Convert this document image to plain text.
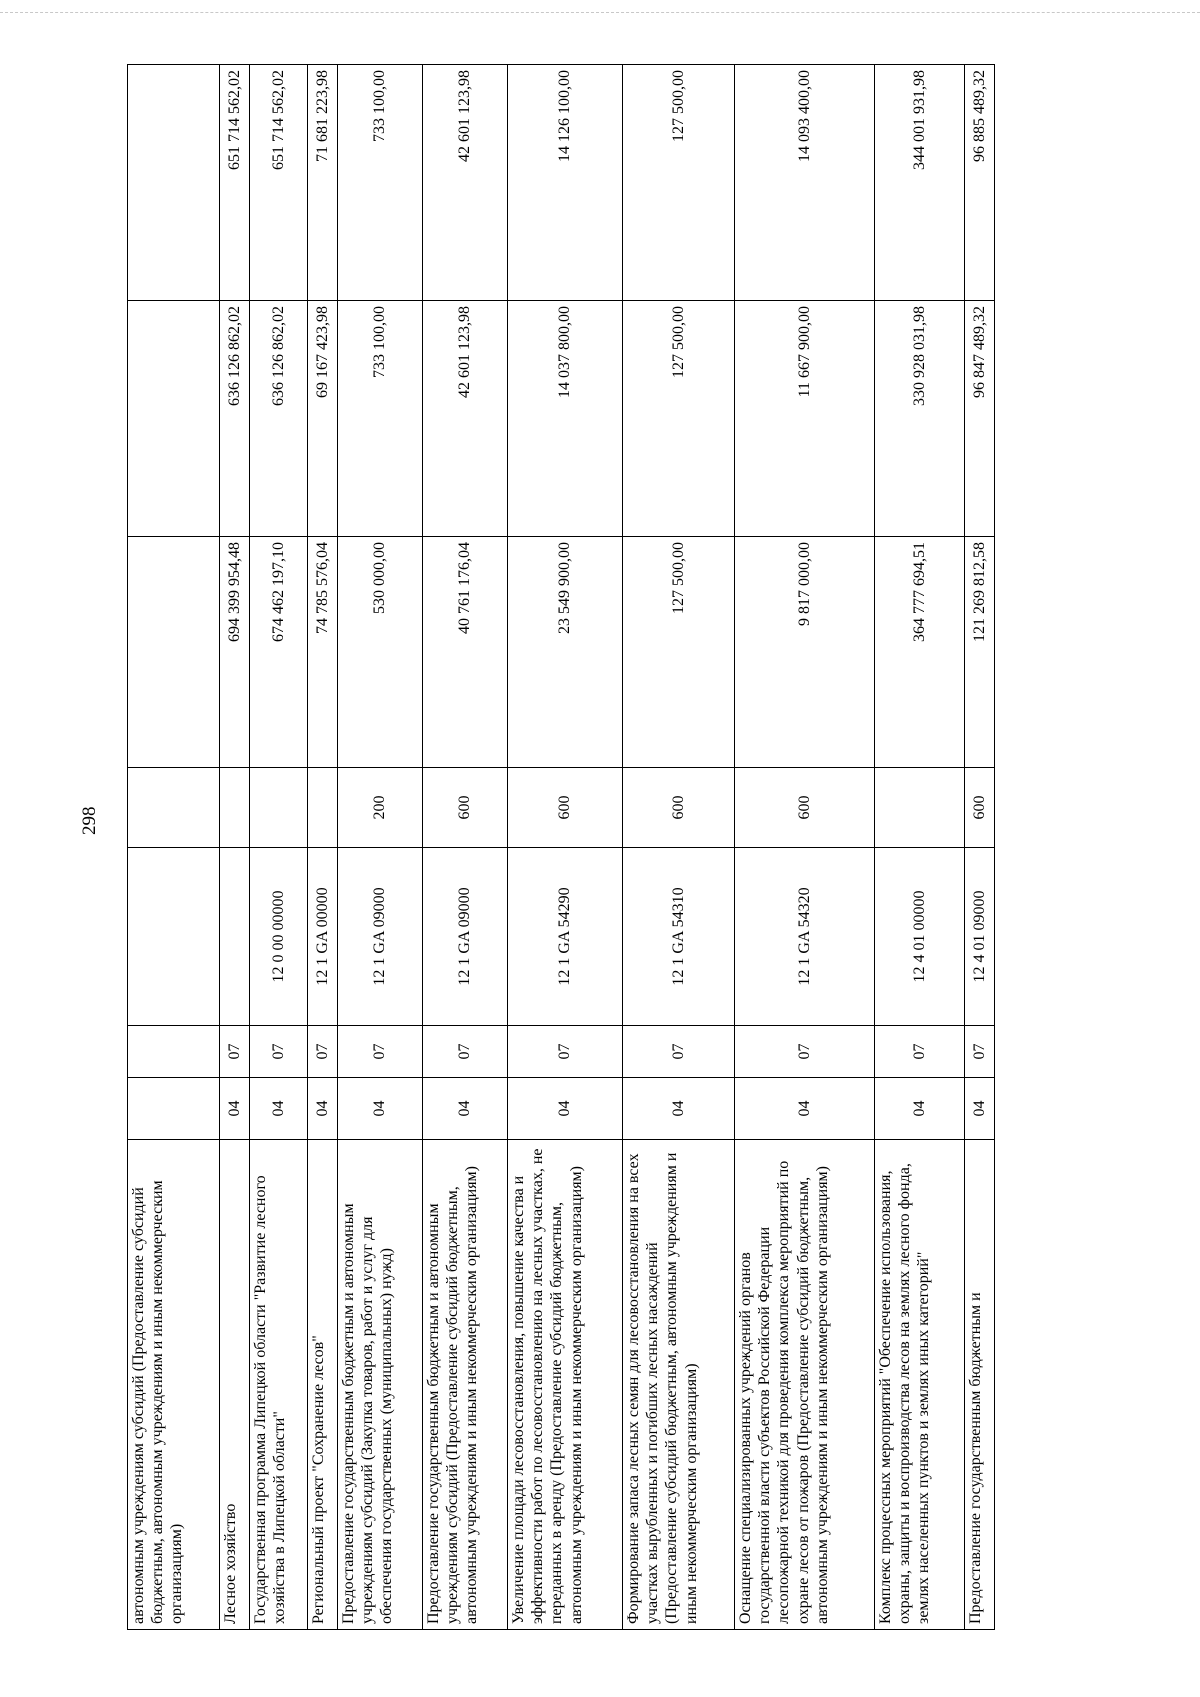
298
автономным учреждениям субсидий (Предоставление субсидий бюджетным, автономным учреждениям и иным некоммерческим организациям)							
Лесное хозяйство	04	07			694 399 954,48	636 126 862,02	651 714 562,02
Государственная программа Липецкой области "Развитие лесного хозяйства в Липецкой области"	04	07	12 0 00 00000		674 462 197,10	636 126 862,02	651 714 562,02
Региональный проект "Сохранение лесов"	04	07	12 1 GA 00000		74 785 576,04	69 167 423,98	71 681 223,98
Предоставление государственным бюджетным и автономным учреждениям субсидий (Закупка товаров, работ и услуг для обеспечения государственных (муниципальных) нужд)	04	07	12 1 GA 09000	200	530 000,00	733 100,00	733 100,00
Предоставление государственным бюджетным и автономным учреждениям субсидий (Предоставление субсидий бюджетным, автономным учреждениям и иным некоммерческим организациям)	04	07	12 1 GA 09000	600	40 761 176,04	42 601 123,98	42 601 123,98
Увеличение площади лесовосстановления, повышение качества и эффективности работ по лесовосстановлению на лесных участках, не переданных в аренду (Предоставление субсидий бюджетным, автономным учреждениям и иным некоммерческим организациям)	04	07	12 1 GA 54290	600	23 549 900,00	14 037 800,00	14 126 100,00
Формирование запаса лесных семян для лесовосстановления на всех участках вырубленных и погибших лесных насаждений (Предоставление субсидий бюджетным, автономным учреждениям и иным некоммерческим организациям)	04	07	12 1 GA 54310	600	127 500,00	127 500,00	127 500,00
Оснащение специализированных учреждений органов государственной власти субъектов Российской Федерации лесопожарной техникой для проведения комплекса мероприятий по охране лесов от пожаров (Предоставление субсидий бюджетным, автономным учреждениям и иным некоммерческим организациям)	04	07	12 1 GA 54320	600	9 817 000,00	11 667 900,00	14 093 400,00
Комплекс процессных мероприятий "Обеспечение использования, охраны, защиты и воспроизводства лесов на землях лесного фонда, землях населенных пунктов и землях иных категорий"	04	07	12 4 01 00000		364 777 694,51	330 928 031,98	344 001 931,98
Предоставление государственным бюджетным и	04	07	12 4 01 09000	600	121 269 812,58	96 847 489,32	96 885 489,32
